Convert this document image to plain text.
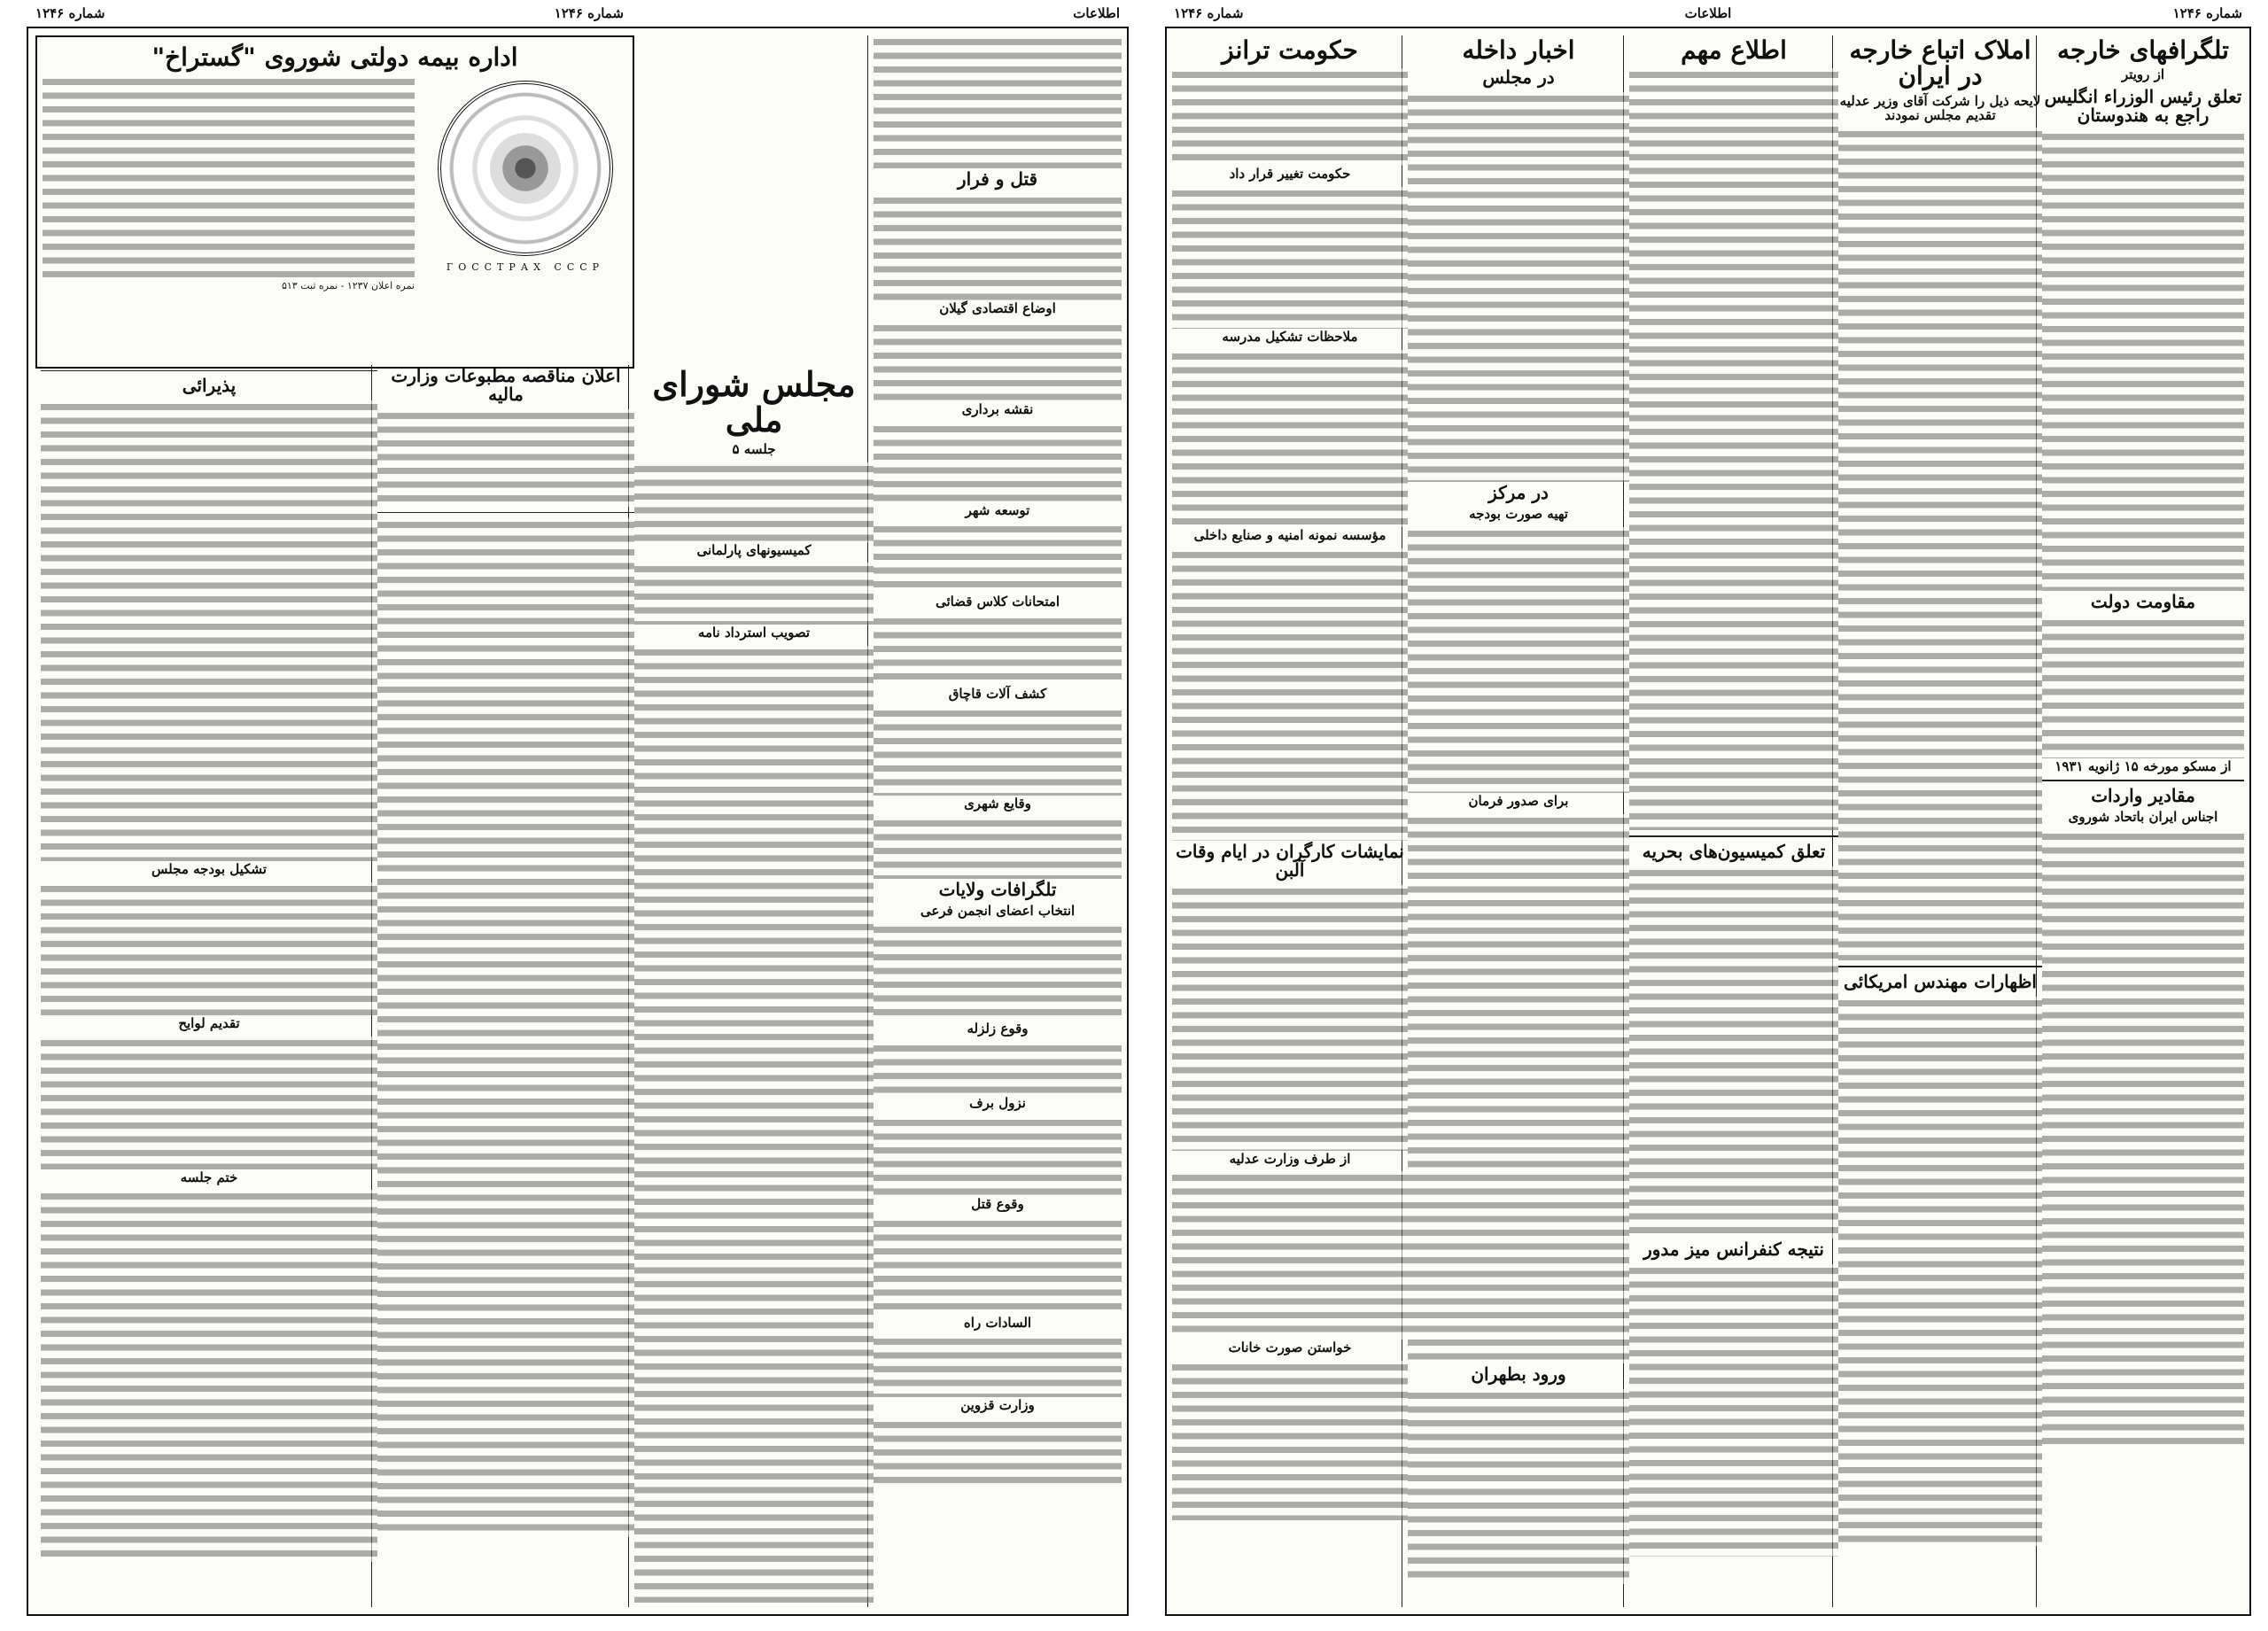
شماره ۱۲۴۶
اطلاعات
شماره ۱۲۴۶
تلگرافهای خارجه
از رویتر
تعلق رئیس الوزراء انگلیس راجع به هندوستان
مقاومت دولت
از مسکو مورخه ۱۵ ژانویه ۱۹۳۱
مقادیر واردات
اجناس ایران باتحاد شوروی
املاک اتباع خارجه در ایران
لایحه ذیل را شرکت آقای وزیر عدلیه تقدیم مجلس نمودند
اظهارات مهندس امریکائی
اطلاع مهم
تعلق کمیسیون‌های بحریه
نتیجه کنفرانس میز مدور
اخبار داخله
در مجلس
در مرکز
تهیه صورت بودجه
برای صدور فرمان
ورود بطهران
حکومت ترانز
حکومت تغییر قرار داد
ملاحظات تشکیل مدرسه
مؤسسه نمونه امنیه و صنایع داخلی
نمایشات کارگران در ایام وقات آلبن
از طرف وزارت عدلیه
خواستن صورت خانات
اطلاعات
شماره ۱۲۴۶
شماره ۱۲۴۶
اداره بیمه دولتی شوروی "گستراخ"
ГОССТРАХ СССР
نمره اعلان ۱۲۳۷ - نمره ثبت ۵۱۳
قتل و فرار
اوضاع اقتصادی گیلان
نقشه برداری
توسعه شهر
امتحانات کلاس قضائی
کشف آلات قاچاق
وقایع شهری
تلگرافات ولایات
انتخاب اعضای انجمن فرعی
وقوع زلزله
نزول برف
وقوع قتل
السادات راه
وزارت قزوین
مجلس شورای ملی
جلسه ۵
کمیسیونهای پارلمانی
تصویب استرداد نامه
اعلان مناقصه مطبوعات وزارت مالیه
پذیرائی
تشکیل بودجه مجلس
تقدیم لوایح
ختم جلسه
